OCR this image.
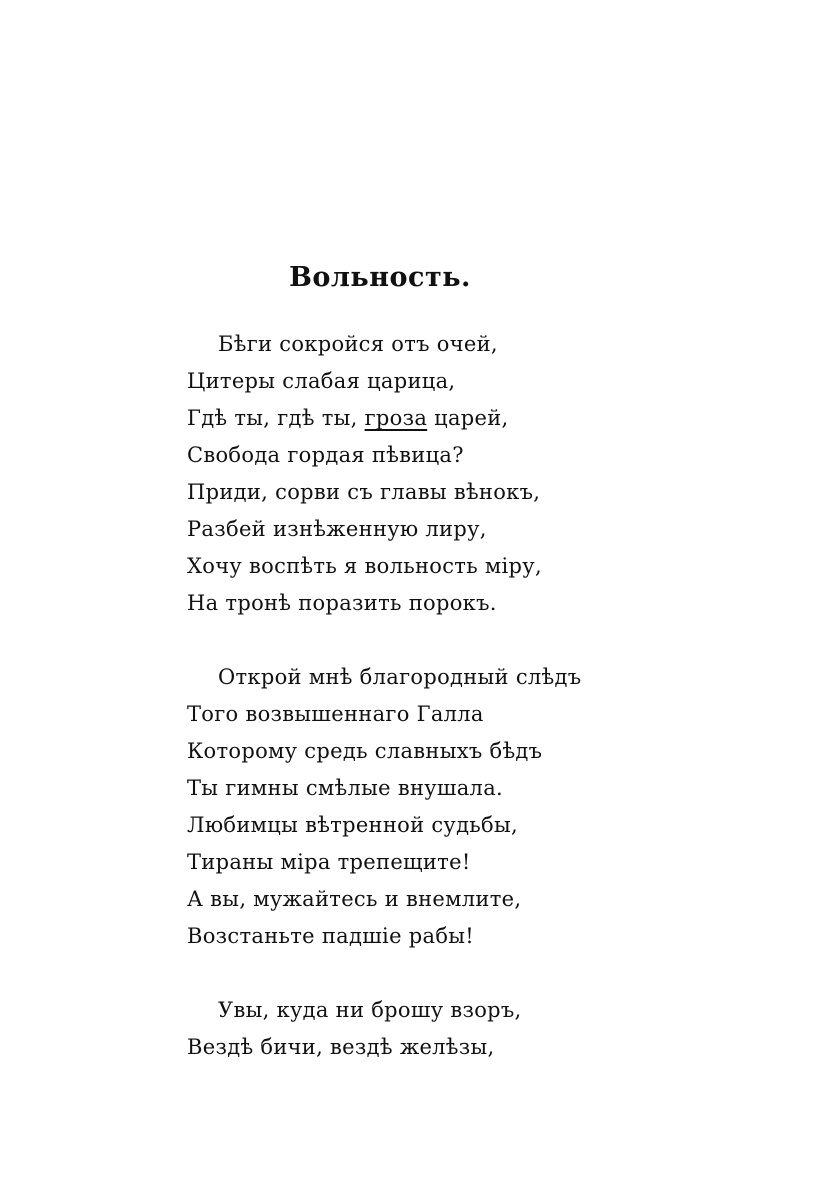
Вольность.
Бѣги сокройся отъ очей,
Цитеры слабая царица,
Гдѣ ты, гдѣ ты, гроза царей,
Свобода гордая пѣвица?
Приди, сорви съ главы вѣнокъ,
Разбей изнѣженную лиру,
Хочу воспѣть я вольность міру,
На тронѣ поразить порокъ.
Открой мнѣ благородный слѣдъ
Того возвышеннаго Галла
Которому средь славныхъ бѣдъ
Ты гимны смѣлые внушала.
Любимцы вѣтренной судьбы,
Тираны міра трепещите!
А вы, мужайтесь и внемлите,
Возстаньте падшіе рабы!
Увы, куда ни брошу взоръ,
Вездѣ бичи, вездѣ желѣзы,
